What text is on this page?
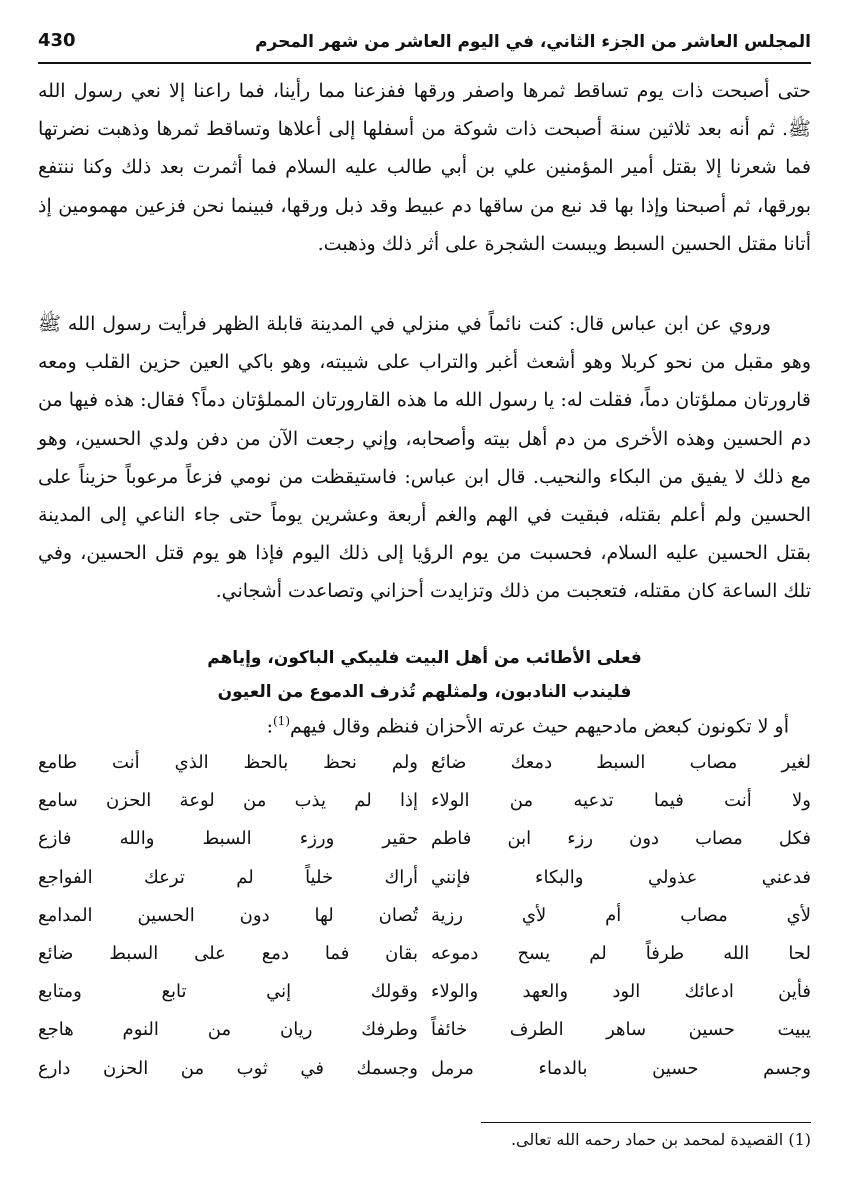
المجلس العاشر من الجزء الثاني، في اليوم العاشر من شهر المحرم
430
حتى أصبحت ذات يوم تساقط ثمرها واصفر ورقها ففزعنا مما رأينا، فما راعنا إلا نعي رسول الله ﷺ. ثم أنه بعد ثلاثين سنة أصبحت ذات شوكة من أسفلها إلى أعلاها وتساقط ثمرها وذهبت نضرتها فما شعرنا إلا بقتل أمير المؤمنين علي بن أبي طالب عليه السلام فما أثمرت بعد ذلك وكنا ننتفع بورقها، ثم أصبحنا وإذا بها قد نبع من ساقها دم عبيط وقد ذبل ورقها، فبينما نحن فزعين مهمومين إذ أتانا مقتل الحسين السبط ويبست الشجرة على أثر ذلك وذهبت.
وروي عن ابن عباس قال: كنت نائماً في منزلي في المدينة قابلة الظهر فرأيت رسول الله ﷺ وهو مقبل من نحو كربلا وهو أشعث أغبر والتراب على شيبته، وهو باكي العين حزين القلب ومعه قارورتان مملؤتان دماً، فقلت له: يا رسول الله ما هذه القارورتان المملؤتان دماً؟ فقال: هذه فيها من دم الحسين وهذه الأخرى من دم أهل بيته وأصحابه، وإني رجعت الآن من دفن ولدي الحسين، وهو مع ذلك لا يفيق من البكاء والنحيب. قال ابن عباس: فاستيقظت من نومي فزعاً مرعوباً حزيناً على الحسين ولم أعلم بقتله، فبقيت في الهم والغم أربعة وعشرين يوماً حتى جاء الناعي إلى المدينة بقتل الحسين عليه السلام، فحسبت من يوم الرؤيا إلى ذلك اليوم فإذا هو يوم قتل الحسين، وفي تلك الساعة كان مقتله، فتعجبت من ذلك وتزايدت أحزاني وتصاعدت أشجاني.
فعلى الأطائب من أهل البيت فليبكي الباكون، وإياهم
فليندب النادبون، ولمثلهم تُذرف الدموع من العيون
أو لا تكونون كبعض مادحيهم حيث عرته الأحزان فنظم وقال فيهم$^{(1)}$:
لغير مصاب السبط دمعك ضائع
ولم نحظ بالحظ الذي أنت طامع
ولا أنت فيما تدعيه من الولاء
إذا لم يذب من لوعة الحزن سامع
فكل مصاب دون رزء ابن فاطم
حقير ورزء السبط والله فازع
فدعني عذولي والبكاء فإنني
أراك خلياً لم ترعك الفواجع
لأي مصاب أم لأي رزية
تُصان لها دون الحسين المدامع
لحا الله طرفاً لم يسح دموعه
بقان فما دمع على السبط ضائع
فأين ادعائك الود والعهد والولاء
وقولك إني تابع ومتابع
يبيت حسين ساهر الطرف خائفاً
وطرفك ريان من النوم هاجع
وجسم حسين بالدماء مرمل
وجسمك في ثوب من الحزن دارع
(1) القصيدة لمحمد بن حماد رحمه الله تعالى.
